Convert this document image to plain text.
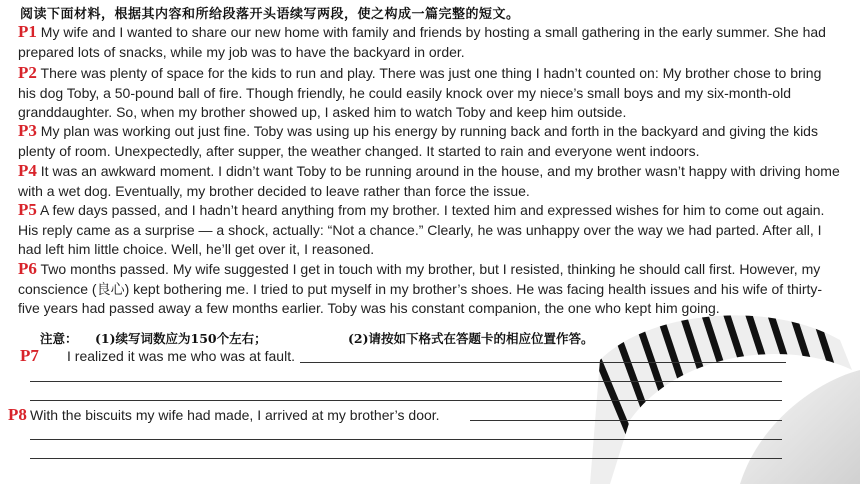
阅读下面材料，根据其内容和所给段落开头语续写两段，使之构成一篇完整的短文。
P1 My wife and I wanted to share our new home with family and friends by hosting a small gathering in the early summer. She had prepared lots of snacks, while my job was to have the backyard in order.
P2 There was plenty of space for the kids to run and play. There was just one thing I hadn’t counted on: My brother chose to bring his dog Toby, a 50-pound ball of fire. Though friendly, he could easily knock over my niece’s small boys and my six-month-old granddaughter. So, when my brother showed up, I asked him to watch Toby and keep him outside.
P3 My plan was working out just fine. Toby was using up his energy by running back and forth in the backyard and giving the kids plenty of room. Unexpectedly, after supper, the weather changed. It started to rain and everyone went indoors.
P4 It was an awkward moment. I didn’t want Toby to be running around in the house, and my brother wasn’t happy with driving home with a wet dog. Eventually, my brother decided to leave rather than force the issue.
P5 A few days passed, and I hadn’t heard anything from my brother. I texted him and expressed wishes for him to come out again. His reply came as a surprise — a shock, actually: “Not a chance.” Clearly, he was unhappy over the way we had parted. After all, I had left him little choice. Well, he’ll get over it, I reasoned.
P6 Two months passed. My wife suggested I get in touch with my brother, but I resisted, thinking he should call first. However, my conscience (良心) kept bothering me. I tried to put myself in my brother’s shoes. He was facing health issues and his wife of thirty-five years had passed away a few months earlier. Toby was his constant companion, the one who kept him going.
注意： (1)续写词数应为150个左右；	(2)请按如下格式在答题卡的相应位置作答。
P7 I realized it was me who was at fault.
P8 With the biscuits my wife had made, I arrived at my brother’s door.
